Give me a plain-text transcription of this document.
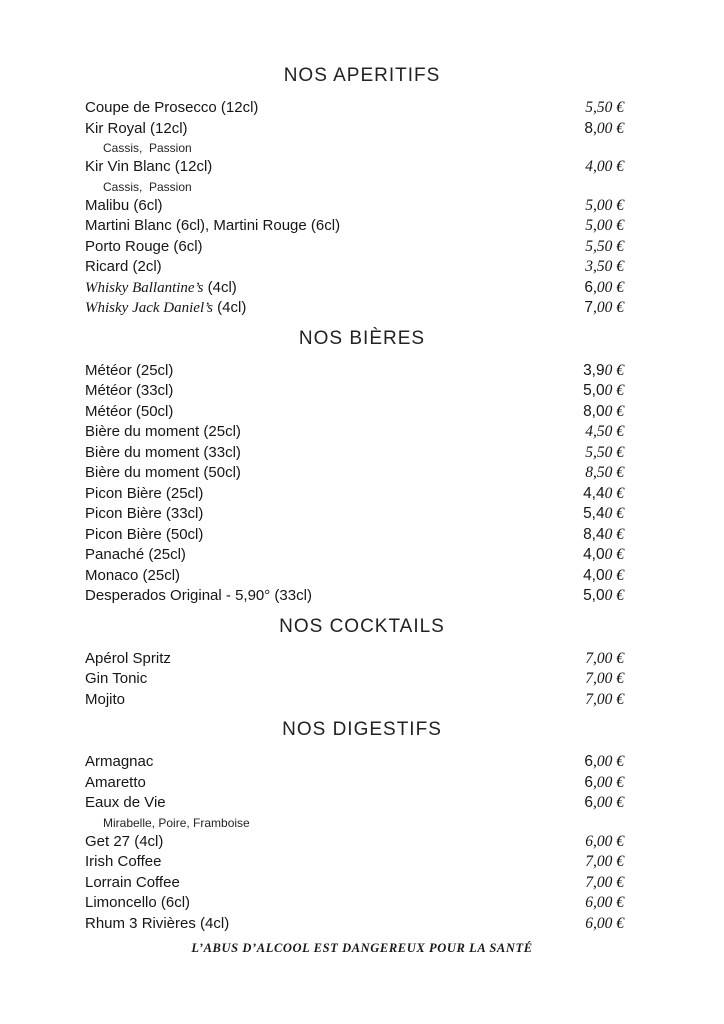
NOS APERITIFS
Coupe de Prosecco (12cl)	5,50 €
Kir Royal (12cl)	8,00 €
Cassis,  Passion
Kir Vin Blanc (12cl)	4,00 €
Cassis,  Passion
Malibu (6cl)	5,00 €
Martini Blanc (6cl), Martini Rouge (6cl)	5,00 €
Porto Rouge (6cl)	5,50 €
Ricard (2cl)	3,50 €
Whisky Ballantine’s (4cl)	6,00 €
Whisky Jack Daniel’s (4cl)	7,00 €
NOS BIÈRES
Météor (25cl)	3,90 €
Météor (33cl)	5,00 €
Météor (50cl)	8,00 €
Bière du moment (25cl)	4,50 €
Bière du moment (33cl)	5,50 €
Bière du moment (50cl)	8,50 €
Picon Bière (25cl)	4,40 €
Picon Bière (33cl)	5,40 €
Picon Bière (50cl)	8,40 €
Panaché (25cl)	4,00 €
Monaco (25cl)	4,00 €
Desperados Original - 5,90° (33cl)	5,00 €
NOS COCKTAILS
Apérol Spritz	7,00 €
Gin Tonic	7,00 €
Mojito	7,00 €
NOS DIGESTIFS
Armagnac	6,00 €
Amaretto	6,00 €
Eaux de Vie	6,00 €
Mirabelle, Poire, Framboise
Get 27 (4cl)	6,00 €
Irish Coffee	7,00 €
Lorrain Coffee	7,00 €
Limoncello (6cl)	6,00 €
Rhum 3 Rivières (4cl)	6,00 €
L’ABUS D’ALCOOL EST DANGEREUX POUR LA SANTÉ
